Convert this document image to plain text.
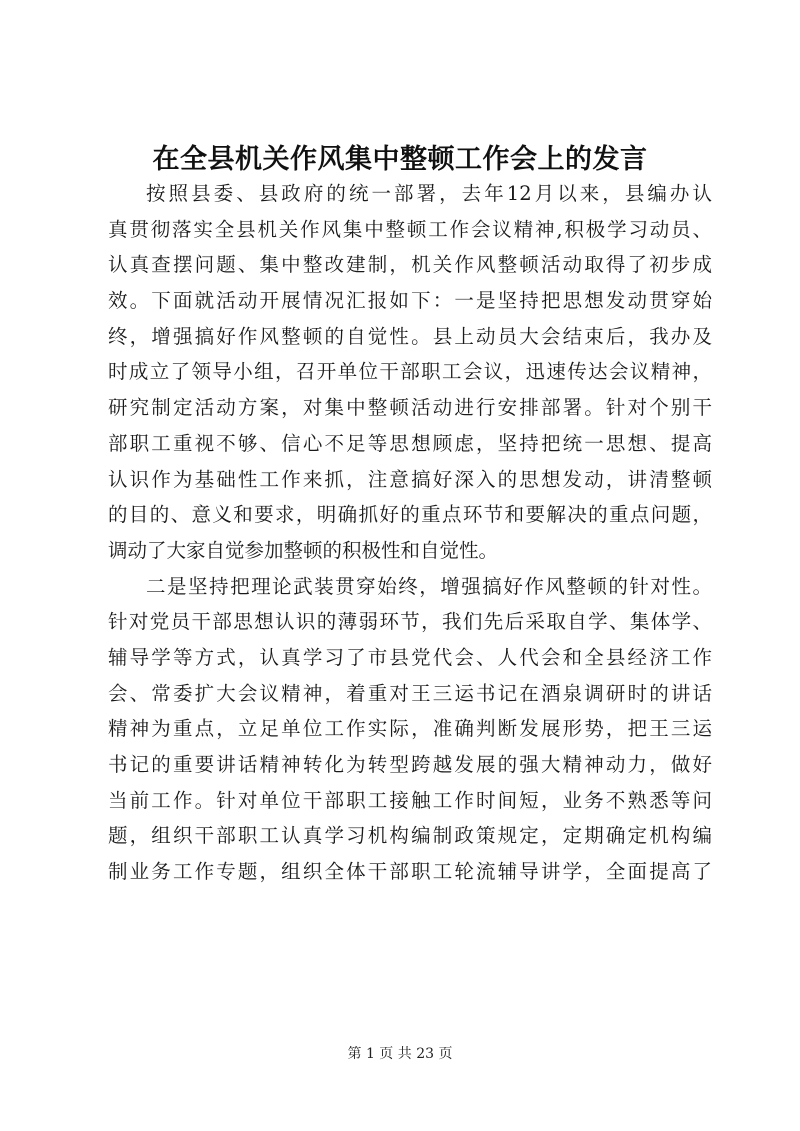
在全县机关作风集中整顿工作会上的发言

按照县委、县政府的统一部署，去年12月以来，县编办认
真贯彻落实全县机关作风集中整顿工作会议精神,积极学习动员、
认真查摆问题、集中整改建制，机关作风整顿活动取得了初步成
效。下面就活动开展情况汇报如下：一是坚持把思想发动贯穿始
终，增强搞好作风整顿的自觉性。县上动员大会结束后，我办及
时成立了领导小组，召开单位干部职工会议，迅速传达会议精神，
研究制定活动方案，对集中整顿活动进行安排部署。针对个别干
部职工重视不够、信心不足等思想顾虑，坚持把统一思想、提高
认识作为基础性工作来抓，注意搞好深入的思想发动，讲清整顿
的目的、意义和要求，明确抓好的重点环节和要解决的重点问题，
调动了大家自觉参加整顿的积极性和自觉性。

二是坚持把理论武装贯穿始终，增强搞好作风整顿的针对性。
针对党员干部思想认识的薄弱环节，我们先后采取自学、集体学、
辅导学等方式，认真学习了市县党代会、人代会和全县经济工作
会、常委扩大会议精神，着重对王三运书记在酒泉调研时的讲话
精神为重点，立足单位工作实际，准确判断发展形势，把王三运
书记的重要讲话精神转化为转型跨越发展的强大精神动力，做好
当前工作。针对单位干部职工接触工作时间短，业务不熟悉等问
题，组织干部职工认真学习机构编制政策规定，定期确定机构编
制业务工作专题，组织全体干部职工轮流辅导讲学，全面提高了

第 1 页 共 23 页
